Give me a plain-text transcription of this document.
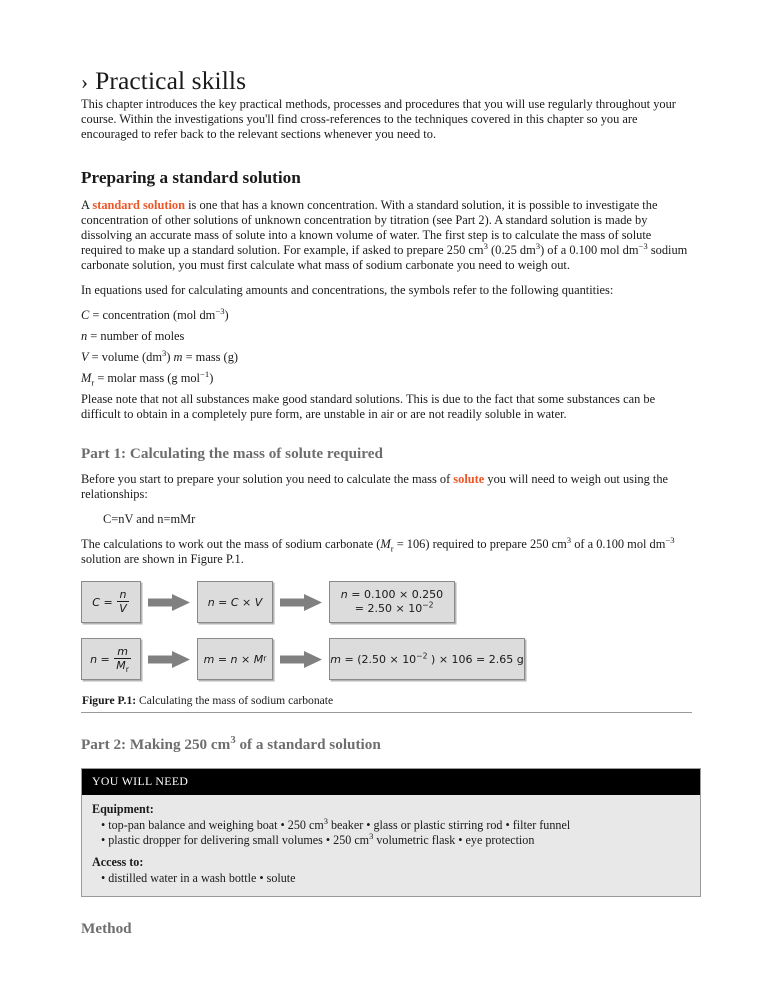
› Practical skills

This chapter introduces the key practical methods, processes and procedures that you will use regularly throughout your course. Within the investigations you'll find cross-references to the techniques covered in this chapter so you are encouraged to refer back to the relevant sections whenever you need to.

Preparing a standard solution

A standard solution is one that has a known concentration. With a standard solution, it is possible to investigate the concentration of other solutions of unknown concentration by titration (see Part 2). A standard solution is made by dissolving an accurate mass of solute into a known volume of water. The first step is to calculate the mass of solute required to make up a standard solution. For example, if asked to prepare 250 $cm^3$ (0.25 $dm^3$) of a 0.100 mol $dm^{-3}$ sodium carbonate solution, you must first calculate what mass of sodium carbonate you need to weigh out.

In equations used for calculating amounts and concentrations, the symbols refer to the following quantities:

C = concentration (mol $dm^{-3}$)
n = number of moles
V = volume $(dm^3) m$ = mass (g)
$M_r$ = molar mass (g mol$^{-1}$)

Please note that not all substances make good standard solutions. This is due to the fact that some substances can be difficult to obtain in a completely pure form, are unstable in air or are not readily soluble in water.

Part 1: Calculating the mass of solute required

Before you start to prepare your solution you need to calculate the mass of solute you will need to weigh out using the relationships:

C=nV and n=mMr

The calculations to work out the mass of sodium carbonate $(M_r = 106)$ required to prepare 250 $cm^3$ of a 0.100 mol $dm^{-3}$ solution are shown in Figure P.1.

C
=
$\frac{n}{V}$	n = C × V
n = 0.100 × 0.250
= $2.50 \times 10^{-2}$
n
=
$\frac{m}{M_r}$	m = n × M r	$m = (2.50 \times 10^{-2}$ ) × 106 = 2.65 g
Figure P.1: Calculating the mass of sodium carbonate
Part 2: Making 250 $cm^3$ of a standard solution
YOU WILL NEED
Equipment:
• top-pan balance and weighing boat • 250 $cm^3$ beaker • glass or plastic stirring rod • filter funnel
• plastic dropper for delivering small volumes • 250 $cm^3$ volumetric flask • eye protection
Access to:
• distilled water in a wash bottle • solute
Method
